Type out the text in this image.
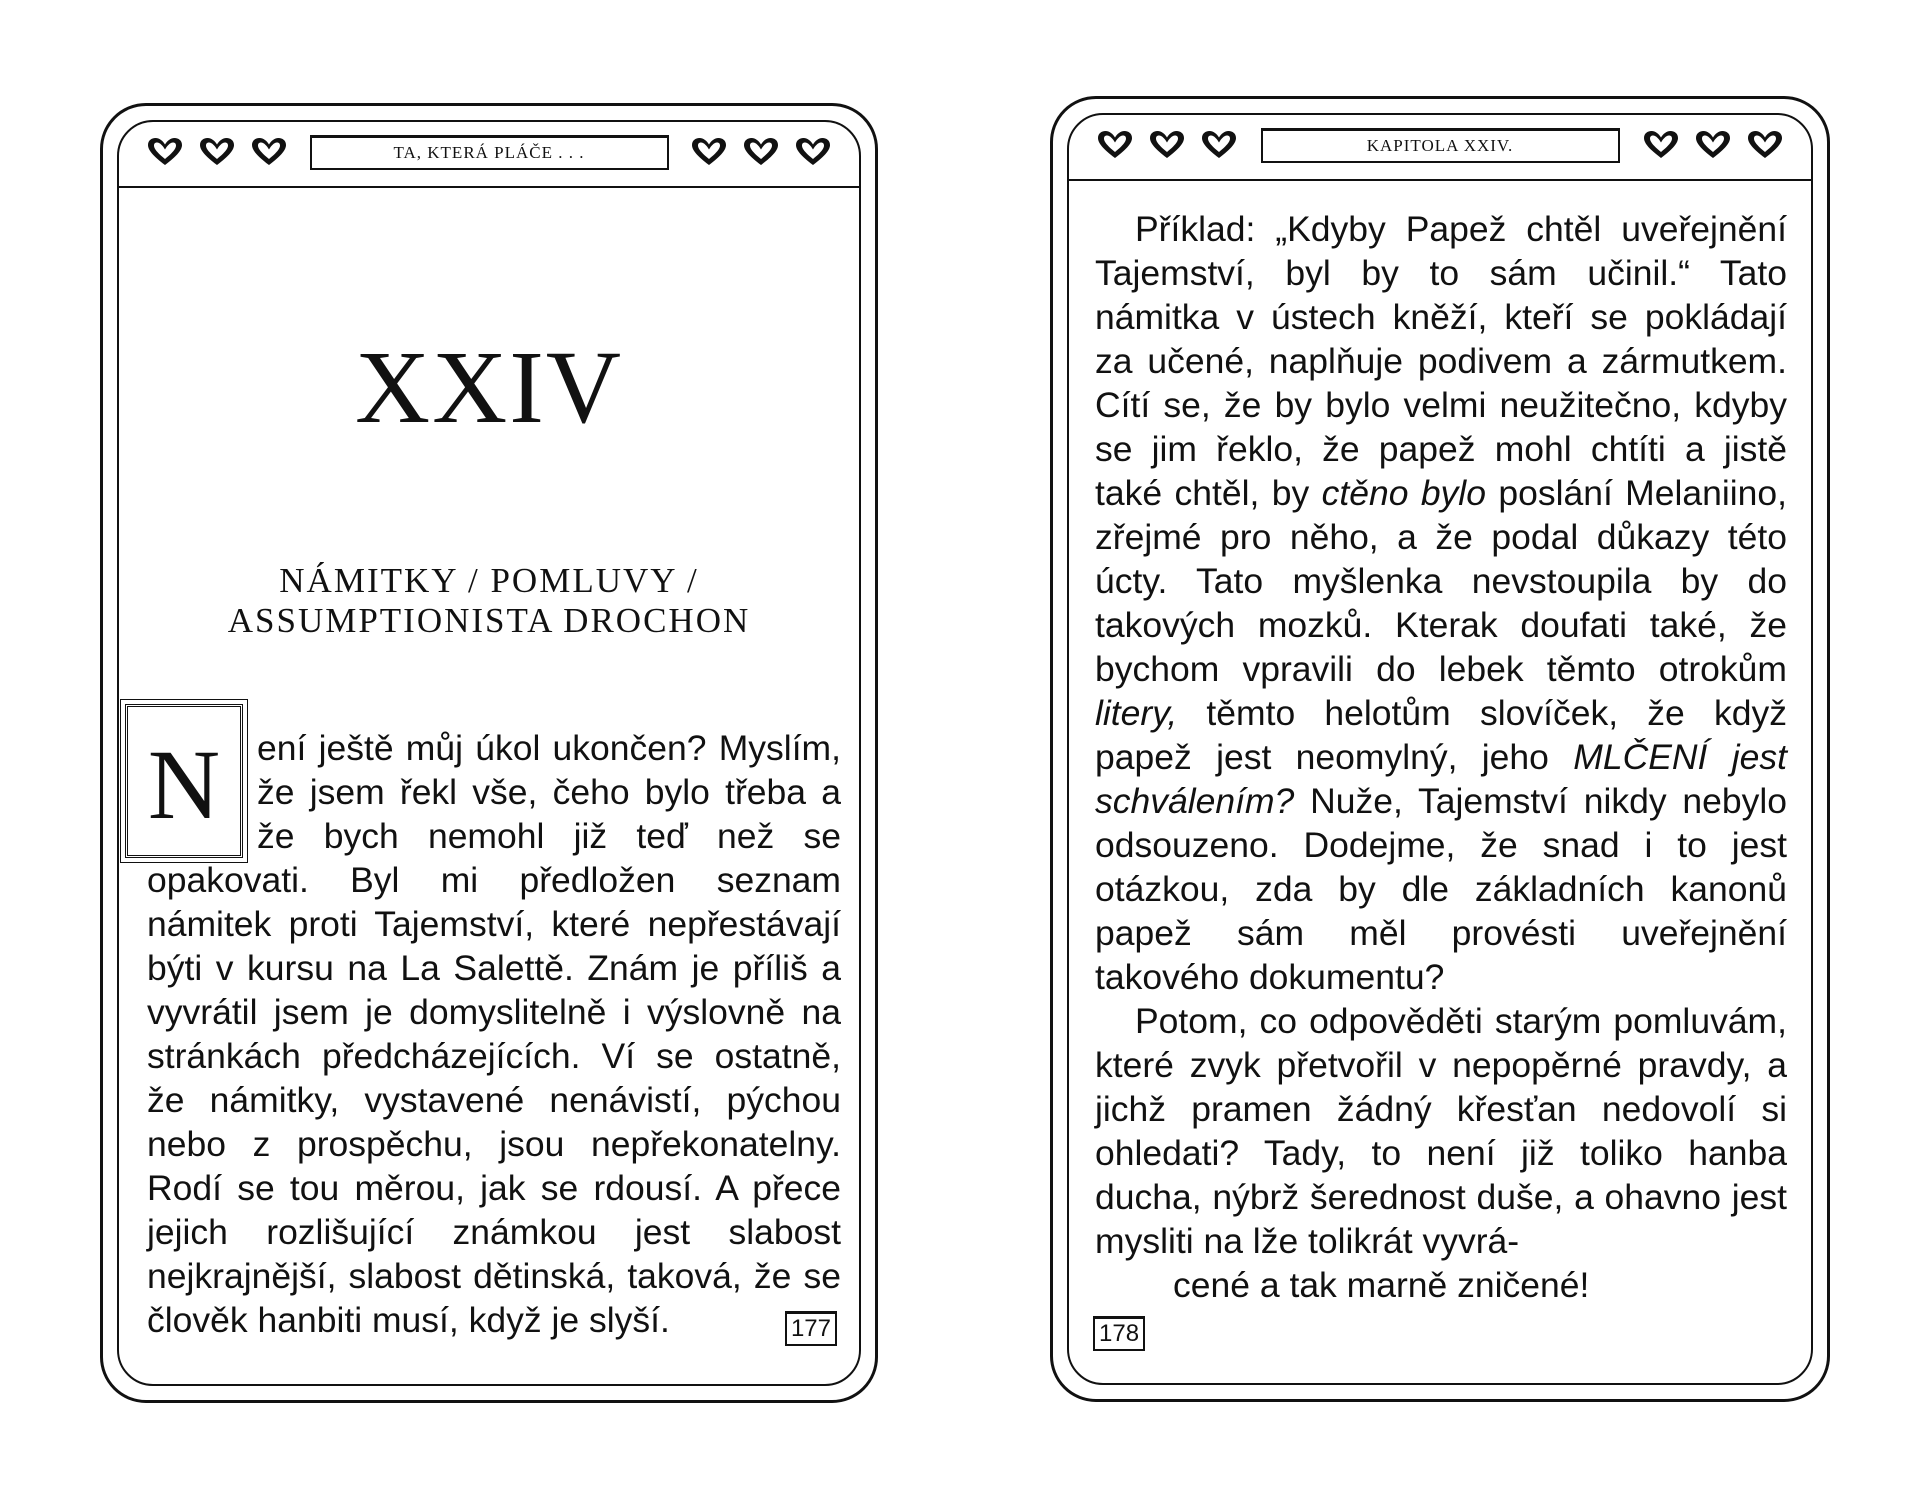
TA, KTERÁ PLÁČE . . .
XXIV
NÁMITKY / POMLUVY /
ASSUMPTIONISTA DROCHON
N	ení ještě můj úkol ukončen? Myslím, že jsem řekl vše, čeho bylo třeba a že bych nemohl již teď než se opakovati. Byl mi předložen seznam námitek proti Tajemství, které nepřestávají býti v kursu na La Salettě. Znám je příliš a vyvrátil jsem je domyslitelně i výslovně na stránkách předcházejících. Ví se ostatně, že námitky, vystavené nenávistí, pýchou nebo z prospěchu, jsou nepřekonatelny. Rodí se tou měrou, jak se rdousí. A přece jejich rozlišující známkou jest slabost nejkrajnější, slabost dětinská, taková, že se člověk hanbiti musí, když je slyší.	177
KAPITOLA XXIV.

Příklad: „Kdyby Papež chtěl uveřejnění Tajemství, byl by to sám učinil.“ Tato námitka v ústech kněží, kteří se pokládají za učené, naplňuje podivem a zármutkem. Cítí se, že by bylo velmi neužitečno, kdyby se jim řeklo, že papež mohl chtíti a jistě také chtěl, by ctěno bylo poslání Melaniino, zřejmé pro něho, a že podal důkazy této úcty. Tato myšlenka nevstoupila by do takových mozků. Kterak doufati také, že bychom vpravili do lebek těmto otrokům litery, těmto helotům slovíček, že když papež jest neomylný, jeho MLČENÍ jest schválením? Nuže, Tajemství nikdy nebylo odsouzeno. Dodejme, že snad i to jest otázkou, zda by dle základních kanonů papež sám měl provésti uveřejnění takového dokumentu?

Potom, co odpověděti starým pomluvám, které zvyk přetvořil v nepopěrné pravdy, a jichž pramen žádný křesťan nedovolí si ohledati? Tady, to není již toliko hanba ducha, nýbrž šerednost duše, a ohavno jest mysliti na lže tolikrát vyvrá-

cené a tak marně zničené!

178
